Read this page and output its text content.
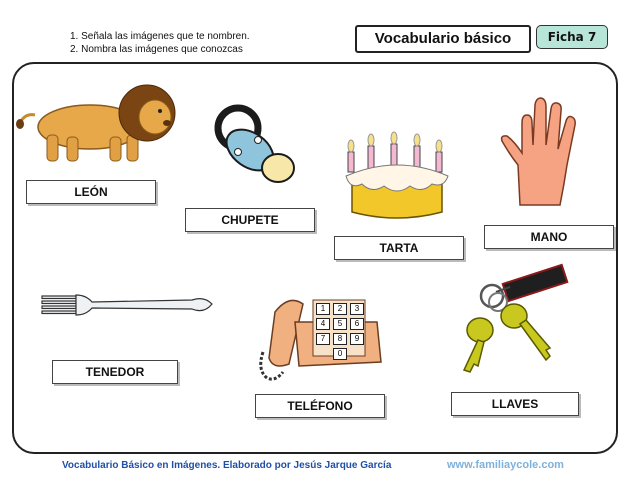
1. Señala las imágenes que te nombren.
2. Nombra las imágenes que conozcas
Vocabulario básico	Ficha 7
LEÓN
CHUPETE
TARTA
MANO
TENEDOR
1	2	3
4	5	6
7	8	9
0
TELÉFONO	LLAVES
Vocabulario Básico en Imágenes. Elaborado por Jesús Jarque García	www.familiaycole.com
